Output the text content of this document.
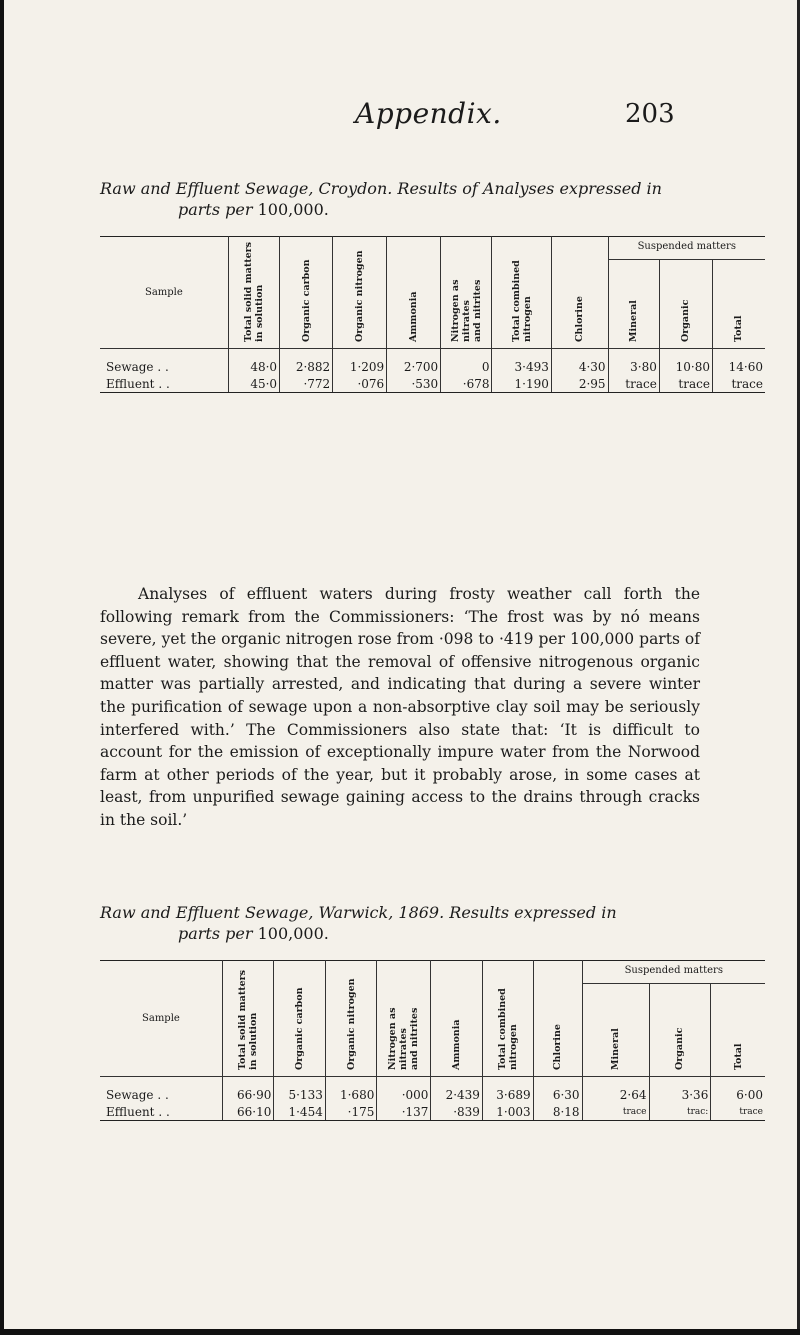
Appendix.	203
Raw and Effluent Sewage, Croydon. Results of Analyses expressed in
parts per 100,000.
Sample	Total solid matters
in solution	Organic carbon	Organic nitrogen	Ammonia	Nitrogen as nitrates
and nitrites	Total combined
nitrogen	Chlorine	Suspended matters		

								Mineral	Organic	Total

Sewage . .	48·0	2·882	1·209	2·700	0	3·493	4·30	3·80	10·80	14·60
Effluent . .	45·0	·772	·076	·530	·678	1·190	2·95	trace	trace	trace

Analyses of effluent waters during frosty weather call forth the following remark from the Commissioners: ‘The frost was by nó means severe, yet the organic nitrogen rose from ·098 to ·419 per 100,000 parts of effluent water, showing that the removal of offensive nitrogenous organic matter was partially arrested, and indicating that during a severe winter the purification of sewage upon a non-absorptive clay soil may be seriously interfered with.’ The Commissioners also state that: ‘It is difficult to account for the emission of exceptionally impure water from the Norwood farm at other periods of the year, but it probably arose, in some cases at least, from unpurified sewage gaining access to the drains through cracks in the soil.’

Raw and Effluent Sewage, Warwick, 1869. Results expressed in
parts per 100,000.
Sample	Total solid matters
in solution	Organic carbon	Organic nitrogen	Nitrogen as nitrates
and nitrites	Ammonia	Total combined
nitrogen	Chlorine	Suspended matters		

								Mineral	Organic	Total

Sewage . .	66·90	5·133	1·680	·000	2·439	3·689	6·30	2·64	3·36	6·00
Effluent . .	66·10	1·454	·175	·137	·839	1·003	8·18	trace	trac:	trace
